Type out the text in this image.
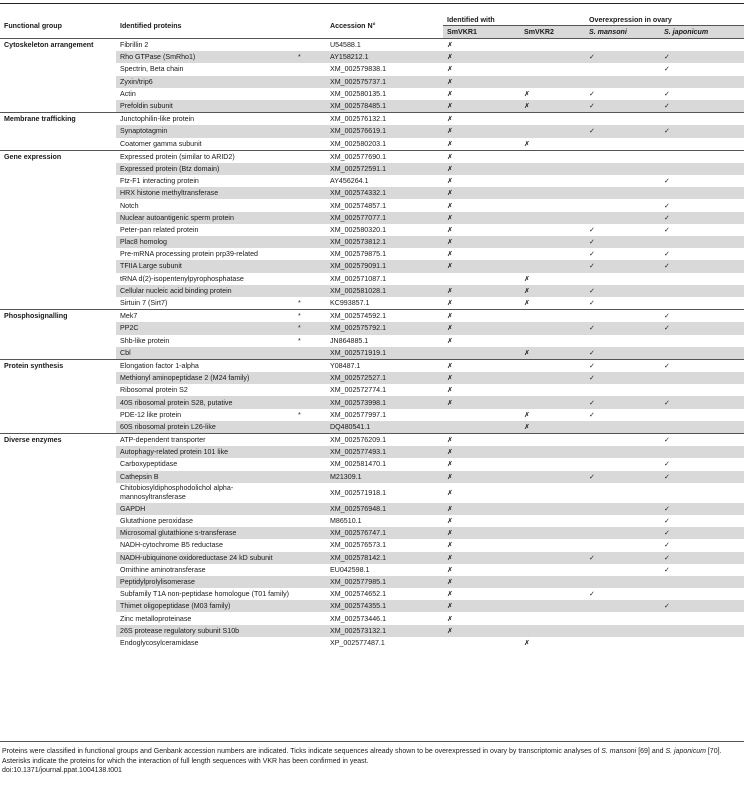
Functional group	Identified proteins		Accession N°	Identified with		Overexpression in ovary	
				SmVKR1	SmVKR2	S. mansoni	S. japonicum
Cytoskeleton arrangement	Fibrillin 2		U54588.1	✗			
	Rho GTPase (SmRho1)	*	AY158212.1	✗		✓	✓
	Spectrin, Beta chain		XM_002579838.1	✗			✓
	Zyxin/trip6		XM_002575737.1	✗			
	Actin		XM_002580135.1	✗	✗	✓	✓
	Prefoldin subunit		XM_002578485.1	✗	✗	✓	✓
Membrane trafficking	Junctophilin-like protein		XM_002576132.1	✗			
	Synaptotagmin		XM_002576619.1	✗		✓	✓
	Coatomer gamma subunit		XM_002580203.1	✗	✗		
Gene expression	Expressed protein (similar to ARID2)		XM_002577690.1	✗			
	Expressed protein (Btz domain)		XM_002572591.1	✗			
	Ftz-F1 interacting protein		AY456264.1	✗			✓
	HRX histone methyltransferase		XM_002574332.1	✗			
	Notch		XM_002574857.1	✗			✓
	Nuclear autoantigenic sperm protein		XM_002577077.1	✗			✓
	Peter-pan related protein		XM_002580320.1	✗		✓	✓
	Plac8 homolog		XM_002573812.1	✗		✓	
	Pre-mRNA processing protein prp39-related		XM_002579875.1	✗		✓	✓
	TFIIA Large subunit		XM_002579091.1	✗		✓	✓
	tRNA d(2)-isopentenylpyrophosphatase		XM_002571087.1		✗		
	Cellular nucleic acid binding protein		XM_002581028.1	✗	✗	✓	
	Sirtuin 7 (Sirt7)	*	KC993857.1	✗	✗	✓	
Phosphosignalling	Mek7	*	XM_002574592.1	✗			✓
	PP2C	*	XM_002575792.1	✗		✓	✓
	Shb-like protein	*	JN864885.1	✗			
	Cbl		XM_002571919.1		✗	✓	
Protein synthesis	Elongation factor 1-alpha		Y08487.1	✗		✓	✓
	Methionyl aminopeptidase 2 (M24 family)		XM_002572527.1	✗		✓	
	Ribosomal protein S2		XM_002572774.1	✗			
	40S ribosomal protein S28, putative		XM_002573998.1	✗		✓	✓
	PDE-12 like protein	*	XM_002577997.1		✗	✓	
	60S ribosomal protein L26-like		DQ480541.1		✗		
Diverse enzymes	ATP-dependent transporter		XM_002576209.1	✗			✓
	Autophagy-related protein 101 like		XM_002577493.1	✗			
	Carboxypeptidase		XM_002581470.1	✗			✓
	Cathepsin B		M21309.1	✗		✓	✓
	Chitobiosyldiphosphodolichol alpha-mannosyltransferase		XM_002571918.1	✗			
	GAPDH		XM_002576948.1	✗			✓
	Glutathione peroxidase		M86510.1	✗			✓
	Microsomal glutathione s-transferase		XM_002576747.1	✗			✓
	NADH-cytochrome B5 reductase		XM_002576573.1	✗			✓
	NADH-ubiquinone oxidoreductase 24 kD subunit		XM_002578142.1	✗		✓	✓
	Ornithine aminotransferase		EU042598.1	✗			✓
	Peptidylprolylisomerase		XM_002577985.1	✗			
	Subfamily T1A non-peptidase homologue (T01 family)		XM_002574652.1	✗		✓	
	Thimet oligopeptidase (M03 family)		XM_002574355.1	✗			✓
	Zinc metalloproteinase		XM_002573446.1	✗			
	26S protease regulatory subunit S10b		XM_002573132.1	✗			
	Endoglycosylceramidase		XP_002577487.1		✗		
Proteins were classified in functional groups and Genbank accession numbers are indicated. Ticks indicate sequences already shown to be overexpressed in ovary by transcriptomic analyses of S. mansoni [69] and S. japonicum [70].
Asterisks indicate the proteins for which the interaction of full length sequences with VKR has been confirmed in yeast.
doi:10.1371/journal.ppat.1004138.t001
